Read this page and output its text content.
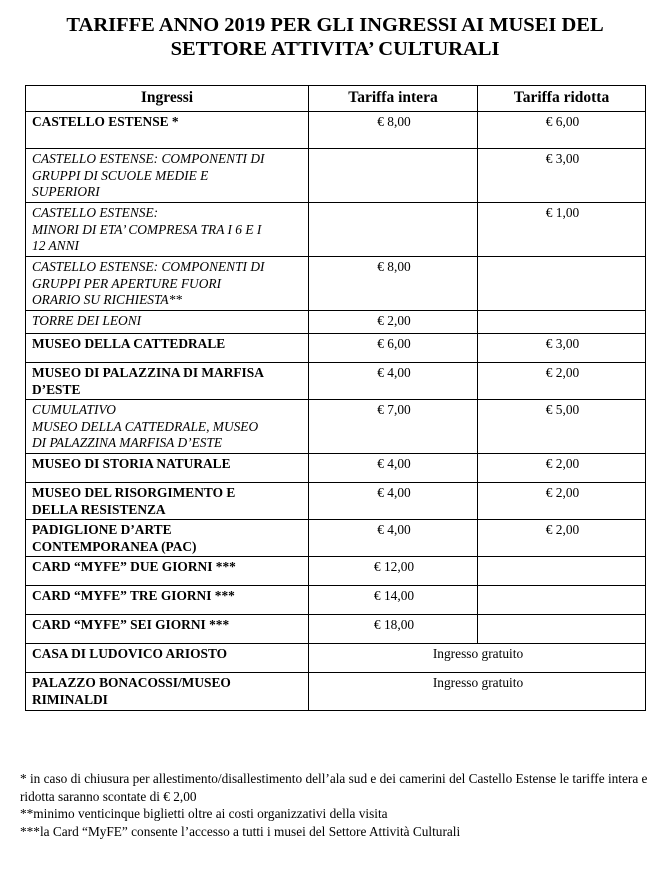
TARIFFE ANNO 2019 PER GLI INGRESSI AI MUSEI DEL
SETTORE ATTIVITA’ CULTURALI
Ingressi	Tariffa intera	Tariffa ridotta
CASTELLO ESTENSE *	€ 8,00	€ 6,00
CASTELLO ESTENSE: COMPONENTI DI
GRUPPI DI SCUOLE MEDIE E
SUPERIORI		€ 3,00
CASTELLO ESTENSE:
MINORI DI ETA’ COMPRESA TRA I 6 E I
12 ANNI		€ 1,00
CASTELLO ESTENSE: COMPONENTI DI
GRUPPI PER APERTURE FUORI
ORARIO SU RICHIESTA**	€ 8,00	
TORRE DEI LEONI	€ 2,00	
MUSEO DELLA CATTEDRALE	€ 6,00	€ 3,00
MUSEO DI PALAZZINA DI MARFISA
D’ESTE	€ 4,00	€ 2,00
CUMULATIVO
MUSEO DELLA CATTEDRALE, MUSEO
DI PALAZZINA MARFISA D’ESTE	€ 7,00	€ 5,00
MUSEO DI STORIA NATURALE	€ 4,00	€ 2,00
MUSEO DEL RISORGIMENTO E
DELLA RESISTENZA	€ 4,00	€ 2,00
PADIGLIONE D’ARTE
CONTEMPORANEA (PAC)	€ 4,00	€ 2,00
CARD “MYFE” DUE GIORNI ***	€ 12,00	
CARD “MYFE” TRE GIORNI ***	€ 14,00	
CARD “MYFE” SEI GIORNI ***	€ 18,00	
CASA DI LUDOVICO ARIOSTO	Ingresso gratuito	
PALAZZO BONACOSSI/MUSEO
RIMINALDI	Ingresso gratuito	

* in caso di chiusura per allestimento/disallestimento dell’ala sud e dei camerini del Castello Estense le tariffe intera e ridotta saranno scontate di € 2,00

**minimo venticinque biglietti oltre ai costi organizzativi della visita

***la Card “MyFE” consente l’accesso a tutti i musei del Settore Attività Culturali
